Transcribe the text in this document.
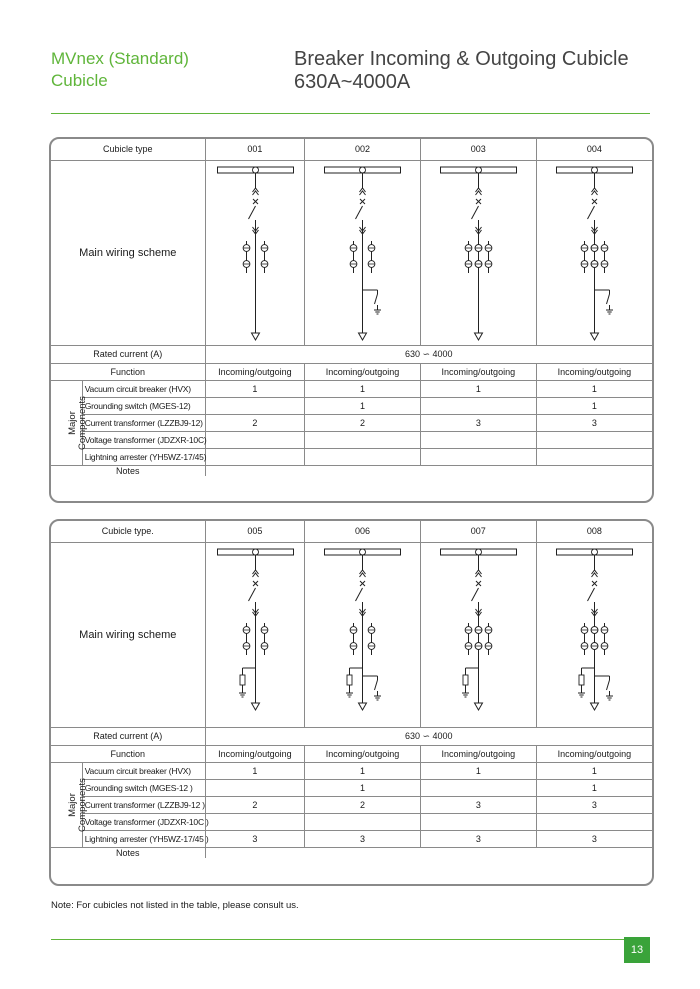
MVnex (Standard)
Cubicle
Breaker Incoming & Outgoing Cubicle
630A~4000A
Cubicle type		001	002	003	004
Main wiring scheme	

Rated current (A)		630 ∽ 4000			
Function		Incoming/outgoing	Incoming/outgoing	Incoming/outgoing	Incoming/outgoing
Major
Components	Vacuum circuit breaker (HVX)	1	1	1	1
	Grounding switch (MGES-12)		1		1
	Current transformer (LZZBJ9-12)	2	2	3	3
	Voltage transformer (JDZXR-10C)				
	Lightning arrester (YH5WZ-17/45)				
Notes					
Cubicle type.		005	006	007	008
Main wiring scheme	

Rated current (A)		630 ∽ 4000			
Function		Incoming/outgoing	Incoming/outgoing	Incoming/outgoing	Incoming/outgoing
Major
Components	Vacuum circuit breaker (HVX)	1	1	1	1
	Grounding switch (MGES-12 )		1		1
	Current transformer (LZZBJ9-12 )	2	2	3	3
	Voltage transformer (JDZXR-10C )				
	Lightning arrester (YH5WZ-17/45 )	3	3	3	3
Notes					
Note: For cubicles not listed in the table, please consult us.
13
